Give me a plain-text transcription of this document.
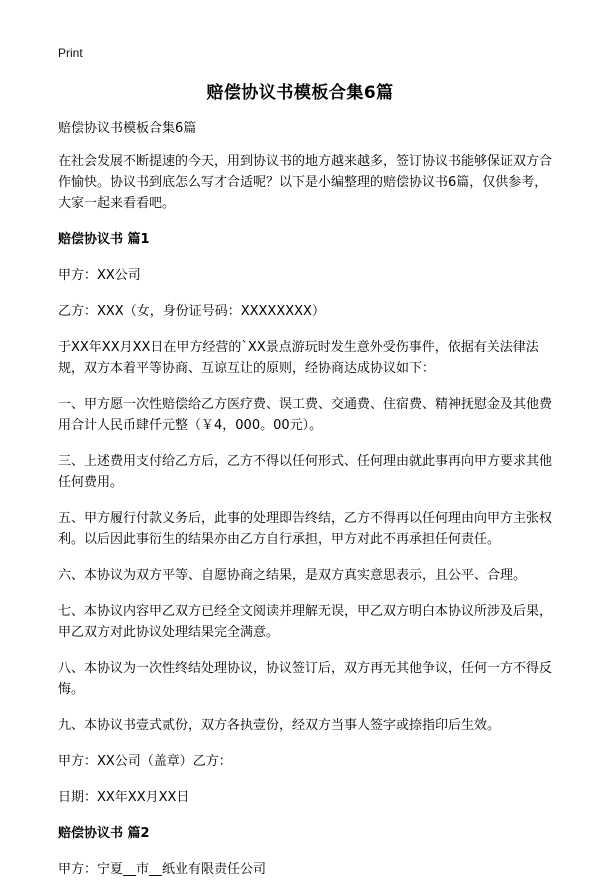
Print
赔偿协议书模板合集6篇

赔偿协议书模板合集6篇

在社会发展不断提速的今天，用到协议书的地方越来越多，签订协议书能够保证双方合作愉快。协议书到底怎么写才合适呢？以下是小编整理的赔偿协议书6篇，仅供参考，大家一起来看看吧。

赔偿协议书 篇1

甲方：XX公司

乙方：XXX（女，身份证号码：XXXXXXXX）

于XX年XX月XX日在甲方经营的`XX景点游玩时发生意外受伤事件，依据有关法律法规，双方本着平等协商、互谅互让的原则，经协商达成协议如下：

一、甲方愿一次性赔偿给乙方医疗费、误工费、交通费、住宿费、精神抚慰金及其他费用合计人民币肆仟元整（￥4，000。00元）。

三、上述费用支付给乙方后，乙方不得以任何形式、任何理由就此事再向甲方要求其他任何费用。

五、甲方履行付款义务后，此事的处理即告终结，乙方不得再以任何理由向甲方主张权利。以后因此事衍生的结果亦由乙方自行承担，甲方对此不再承担任何责任。

六、本协议为双方平等、自愿协商之结果，是双方真实意思表示，且公平、合理。

七、本协议内容甲乙双方已经全文阅读并理解无误，甲乙双方明白本协议所涉及后果，甲乙双方对此协议处理结果完全满意。

八、本协议为一次性终结处理协议，协议签订后，双方再无其他争议，任何一方不得反悔。

九、本协议书壹式贰份，双方各执壹份，经双方当事人签字或捺指印后生效。

甲方：XX公司（盖章）乙方：

日期：XX年XX月XX日

赔偿协议书 篇2

甲方：宁夏__市__纸业有限责任公司
